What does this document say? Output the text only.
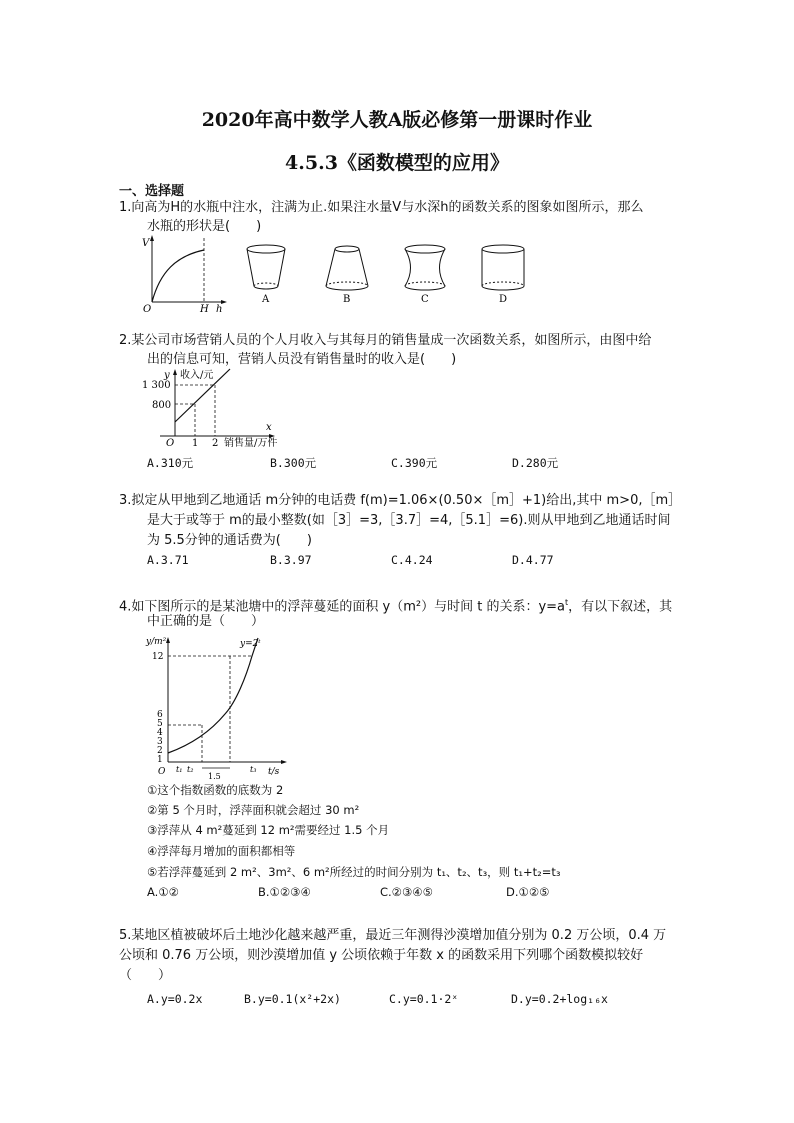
2020年高中数学人教A版必修第一册课时作业
4.5.3《函数模型的应用》
一、选择题
1.向高为H的水瓶中注水，注满为止.如果注水量V与水深h的函数关系的图象如图所示，那么
水瓶的形状是(　　)
V
O	H h
A	B	C	D
2.某公司市场营销人员的个人月收入与其每月的销售量成一次函数关系，如图所示，由图中给
出的信息可知，营销人员没有销售量时的收入是(　　)
y 收入/元
1 300
800
O 1 2 销售量/万件
x
A.310元	B.300元	C.390元	D.280元
3.拟定从甲地到乙地通话 m分钟的电话费 f(m)=1.06×(0.50×［m］+1)给出,其中 m>0,［m］
是大于或等于 m的最小整数(如［3］=3,［3.7］=4,［5.1］=6).则从甲地到乙地通话时间
为 5.5分钟的通话费为(　　)
A.3.71	B.3.97	C.4.24	D.4.77
4.如下图所示的是某池塘中的浮萍蔓延的面积 y（m²）与时间 t 的关系：$y=a^t$，有以下叙述，其
中正确的是（　　）
y/m²	y=2ᵗ
12
6
5
4
3
2
1
O t₁ t₂	t₃
1.5	t/s
①这个指数函数的底数为 2
②第 5 个月时，浮萍面积就会超过 30 m²
③浮萍从 4 m²蔓延到 12 m²需要经过 1.5 个月
④浮萍每月增加的面积都相等
⑤若浮萍蔓延到 2 m²、3m²、6 m²所经过的时间分别为 t₁、t₂、t₃，则 t₁+t₂=t₃
A.①②	B.①②③④	C.②③④⑤	D.①②⑤
5.某地区植被破坏后土地沙化越来越严重，最近三年测得沙漠增加值分别为 0.2 万公顷，0.4 万
公顷和 0.76 万公顷，则沙漠增加值 y 公顷依赖于年数 x 的函数采用下列哪个函数模拟较好
（　　）
A.y=0.2x	B.y=0.1(x²+2x)	C.y=0.1·2ˣ	D.y=0.2+log₁₆x
